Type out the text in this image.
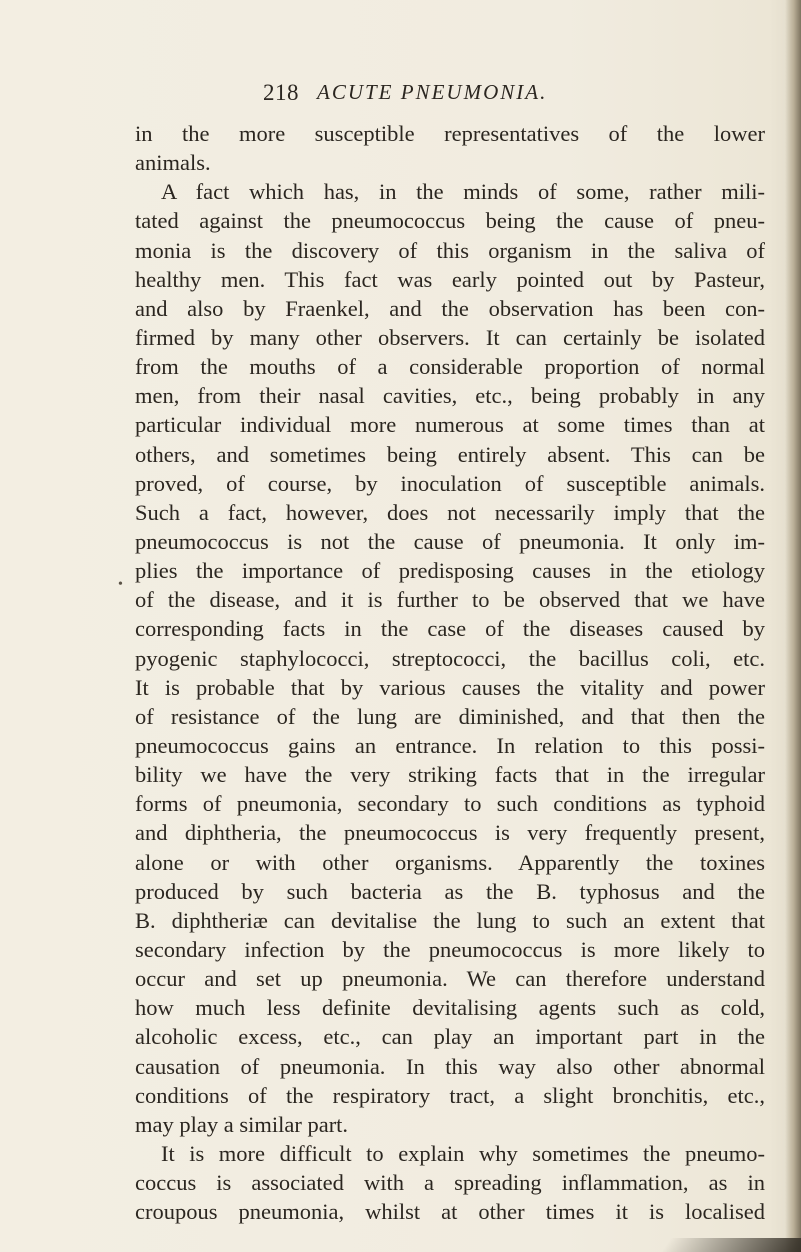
218 ACUTE PNEUMONIA.
•
in the more susceptible representatives of the lower
animals.
A fact which has, in the minds of some, rather mili-
tated against the pneumococcus being the cause of pneu-
monia is the discovery of this organism in the saliva of
healthy men. This fact was early pointed out by Pasteur,
and also by Fraenkel, and the observation has been con-
firmed by many other observers. It can certainly be isolated
from the mouths of a considerable proportion of normal
men, from their nasal cavities, etc., being probably in any
particular individual more numerous at some times than at
others, and sometimes being entirely absent. This can be
proved, of course, by inoculation of susceptible animals.
Such a fact, however, does not necessarily imply that the
pneumococcus is not the cause of pneumonia. It only im-
plies the importance of predisposing causes in the etiology
of the disease, and it is further to be observed that we have
corresponding facts in the case of the diseases caused by
pyogenic staphylococci, streptococci, the bacillus coli, etc.
It is probable that by various causes the vitality and power
of resistance of the lung are diminished, and that then the
pneumococcus gains an entrance. In relation to this possi-
bility we have the very striking facts that in the irregular
forms of pneumonia, secondary to such conditions as typhoid
and diphtheria, the pneumococcus is very frequently present,
alone or with other organisms. Apparently the toxines
produced by such bacteria as the B. typhosus and the
B. diphtheriæ can devitalise the lung to such an extent that
secondary infection by the pneumococcus is more likely to
occur and set up pneumonia. We can therefore understand
how much less definite devitalising agents such as cold,
alcoholic excess, etc., can play an important part in the
causation of pneumonia. In this way also other abnormal
conditions of the respiratory tract, a slight bronchitis, etc.,
may play a similar part.
It is more difficult to explain why sometimes the pneumo-
coccus is associated with a spreading inflammation, as in
croupous pneumonia, whilst at other times it is localised
